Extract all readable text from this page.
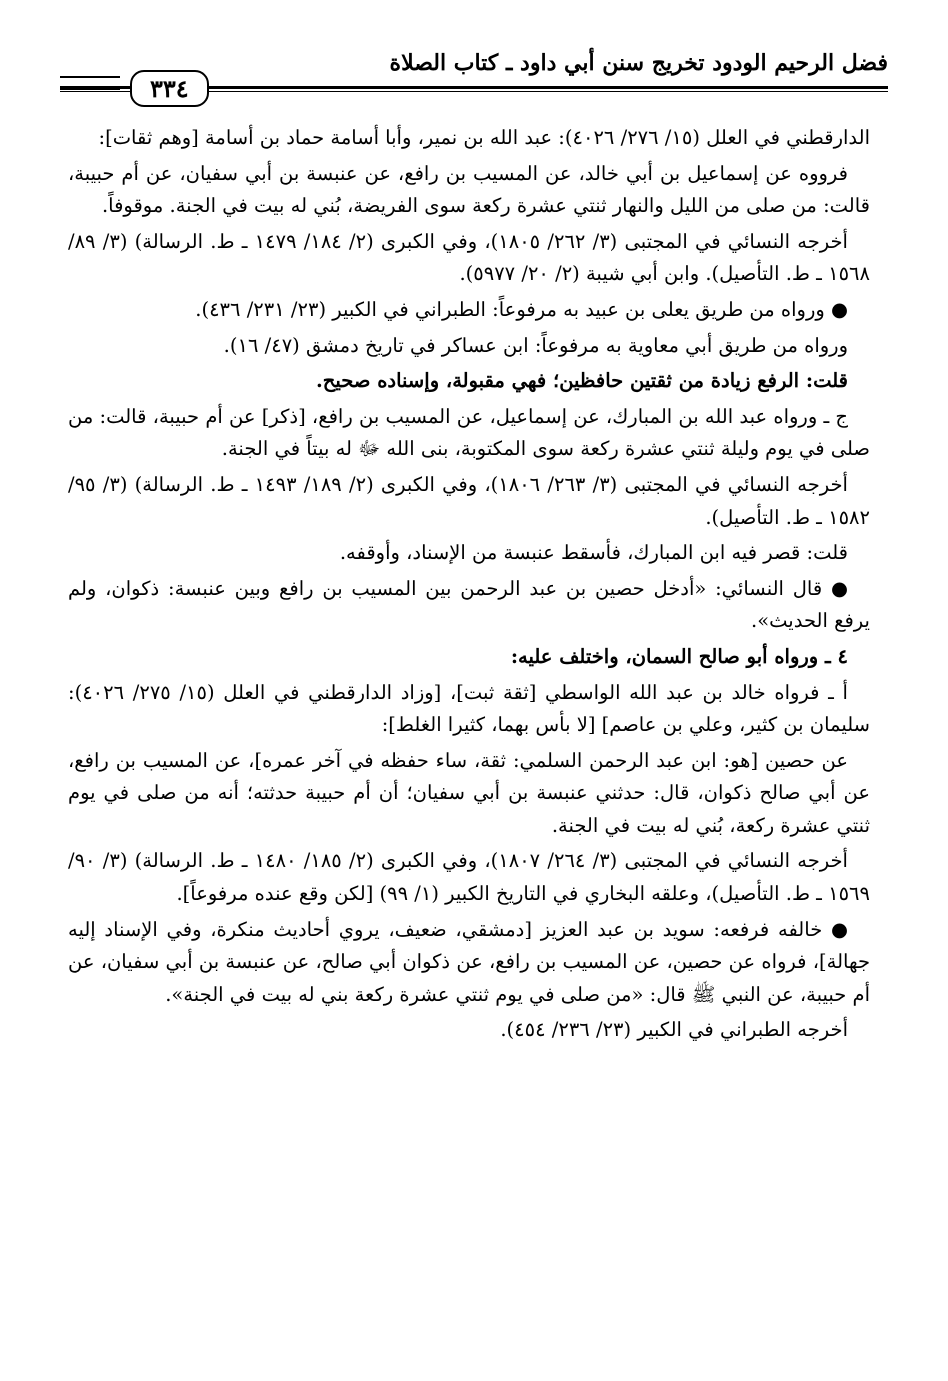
فضل الرحيم الودود تخريج سنن أبي داود ـ كتاب الصلاة
٣٣٤

الدارقطني في العلل (١٥/ ٢٧٦/ ٤٠٢٦): عبد الله بن نمير، وأبا أسامة حماد بن أسامة [وهم ثقات]:

فرووه عن إسماعيل بن أبي خالد، عن المسيب بن رافع، عن عنبسة بن أبي سفيان، عن أم حبيبة، قالت: من صلى من الليل والنهار ثنتي عشرة ركعة سوى الفريضة، بُني له بيت في الجنة. موقوفاً.

أخرجه النسائي في المجتبى (٣/ ٢٦٢/ ١٨٠٥)، وفي الكبرى (٢/ ١٨٤/ ١٤٧٩ ـ ط. الرسالة) (٣/ ٨٩/ ١٥٦٨ ـ ط. التأصيل). وابن أبي شيبة (٢/ ٢٠/ ٥٩٧٧).

● ورواه من طريق يعلى بن عبيد به مرفوعاً: الطبراني في الكبير (٢٣/ ٢٣١/ ٤٣٦).

ورواه من طريق أبي معاوية به مرفوعاً: ابن عساكر في تاريخ دمشق (٤٧/ ١٦).

قلت: الرفع زيادة من ثقتين حافظين؛ فهي مقبولة، وإسناده صحيح.

ج ـ ورواه عبد الله بن المبارك، عن إسماعيل، عن المسيب بن رافع، [ذكر] عن أم حبيبة، قالت: من صلى في يوم وليلة ثنتي عشرة ركعة سوى المكتوبة، بنى الله ﷻ له بيتاً في الجنة.

أخرجه النسائي في المجتبى (٣/ ٢٦٣/ ١٨٠٦)، وفي الكبرى (٢/ ١٨٩/ ١٤٩٣ ـ ط. الرسالة) (٣/ ٩٥/ ١٥٨٢ ـ ط. التأصيل).

قلت: قصر فيه ابن المبارك، فأسقط عنبسة من الإسناد، وأوقفه.

● قال النسائي: «أدخل حصين بن عبد الرحمن بين المسيب بن رافع وبين عنبسة: ذكوان، ولم يرفع الحديث».

٤ ـ ورواه أبو صالح السمان، واختلف عليه:

أ ـ فرواه خالد بن عبد الله الواسطي [ثقة ثبت]، [وزاد الدارقطني في العلل (١٥/ ٢٧٥/ ٤٠٢٦): سليمان بن كثير، وعلي بن عاصم] [لا بأس بهما، كثيرا الغلط]:

عن حصين [هو: ابن عبد الرحمن السلمي: ثقة، ساء حفظه في آخر عمره]، عن المسيب بن رافع، عن أبي صالح ذكوان، قال: حدثني عنبسة بن أبي سفيان؛ أن أم حبيبة حدثته؛ أنه من صلى في يوم ثنتي عشرة ركعة، بُني له بيت في الجنة.

أخرجه النسائي في المجتبى (٣/ ٢٦٤/ ١٨٠٧)، وفي الكبرى (٢/ ١٨٥/ ١٤٨٠ ـ ط. الرسالة) (٣/ ٩٠/ ١٥٦٩ ـ ط. التأصيل)، وعلقه البخاري في التاريخ الكبير (١/ ٩٩) [لكن وقع عنده مرفوعاً].

● خالفه فرفعه: سويد بن عبد العزيز [دمشقي، ضعيف، يروي أحاديث منكرة، وفي الإسناد إليه جهالة]، فرواه عن حصين، عن المسيب بن رافع، عن ذكوان أبي صالح، عن عنبسة بن أبي سفيان، عن أم حبيبة، عن النبي ﷺ قال: «من صلى في يوم ثنتي عشرة ركعة بني له بيت في الجنة».

أخرجه الطبراني في الكبير (٢٣/ ٢٣٦/ ٤٥٤).
